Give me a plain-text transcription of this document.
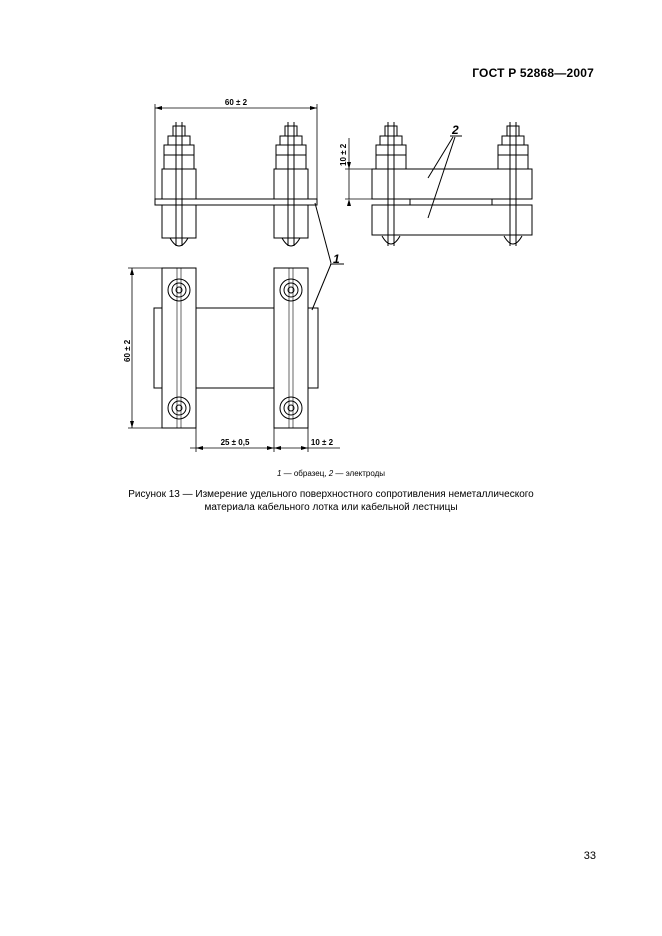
ГОСТ Р 52868—2007
60 ± 2
10 ± 2
2
60 ± 2
25 ± 0,5	10 ± 2
1
1 — образец, 2 — электроды
Рисунок 13 — Измерение удельного поверхностного сопротивления неметаллического
материала кабельного лотка или кабельной лестницы
33
